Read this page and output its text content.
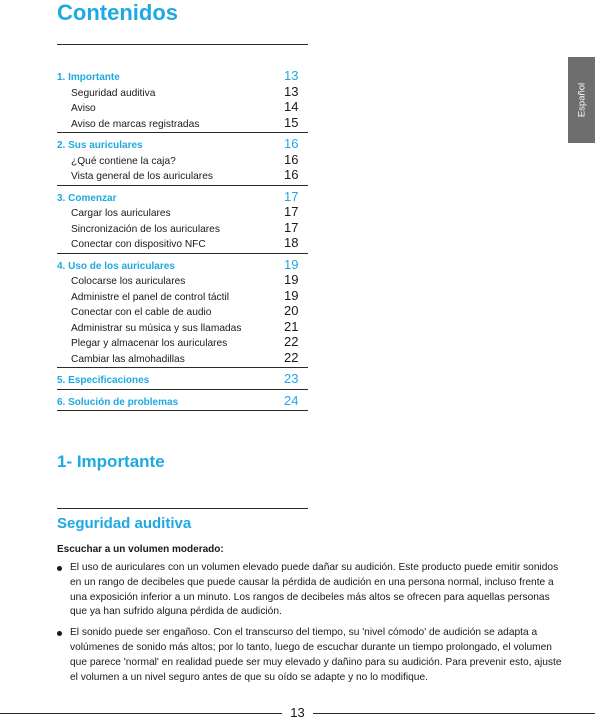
Contenidos
Español
1. Importante	13
Seguridad auditiva	13
Aviso	14
Aviso de marcas registradas	15
2. Sus auriculares	16
¿Qué contiene la caja?	16
Vista general de los auriculares	16
3. Comenzar	17
Cargar los auriculares	17
Sincronización de los auriculares	17
Conectar con dispositivo NFC	18
4. Uso de los auriculares	19
Colocarse los auriculares	19
Administre el panel de control táctil	19
Conectar con el cable de audio	20
Administrar su música y sus llamadas	21
Plegar y almacenar los auriculares	22
Cambiar las almohadillas	22
5. Especificaciones	23
6. Solución de problemas	24
1- Importante
Seguridad auditiva
Escuchar a un volumen moderado:
El uso de auriculares con un volumen elevado puede dañar su audición. Este producto puede emitir sonidos en un rango de decibeles que puede causar la pérdida de audición en una persona normal, incluso frente a una exposición inferior a un minuto. Los rangos de decibeles más altos se ofrecen para aquellas personas que ya han sufrido alguna pérdida de audición.
El sonido puede ser engañoso. Con el transcurso del tiempo, su 'nivel cómodo' de audición se adapta a volúmenes de sonido más altos; por lo tanto, luego de escuchar durante un tiempo prolongado, el volumen que parece 'normal' en realidad puede ser muy elevado y dañino para su audición. Para prevenir esto, ajuste el volumen a un nivel seguro antes de que su oído se adapte y no lo modifique.
13
